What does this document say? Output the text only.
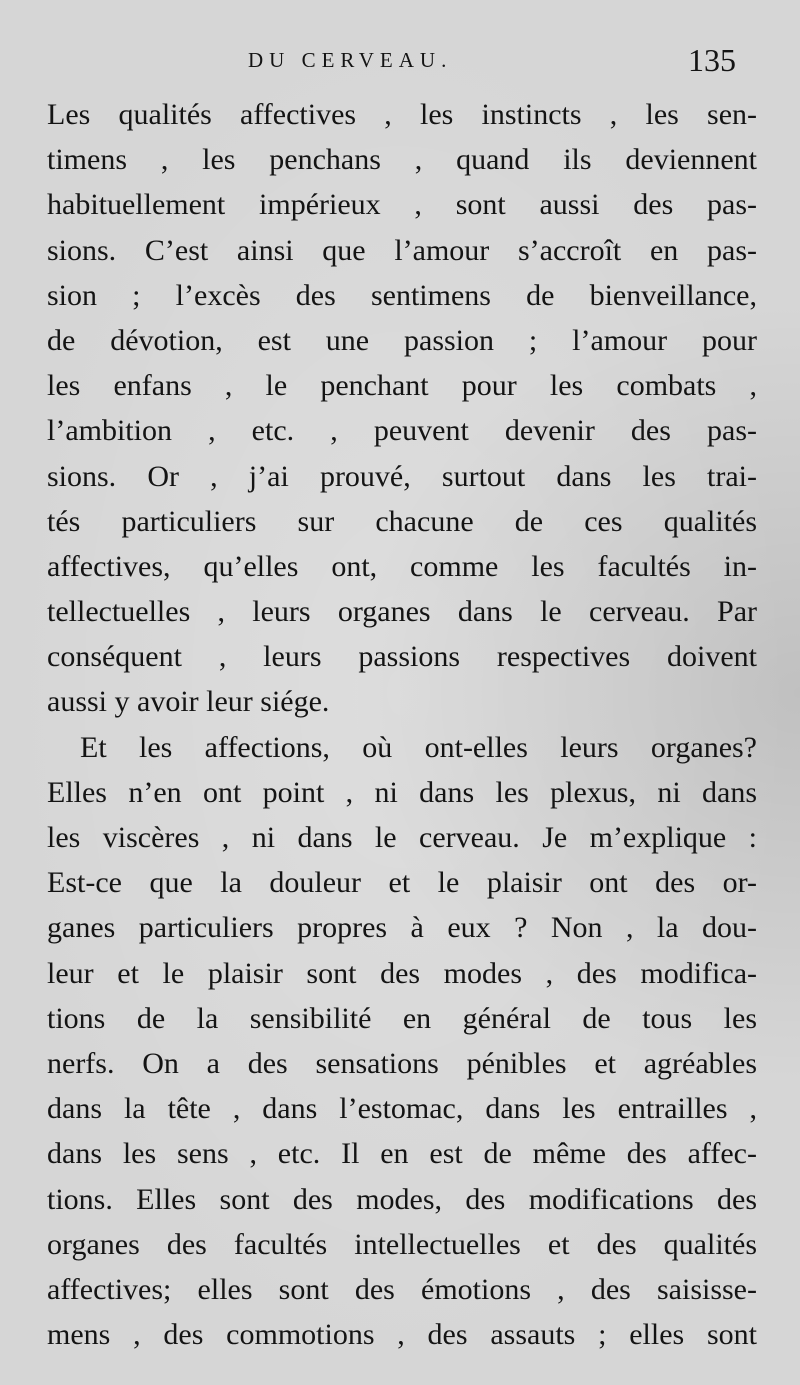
DU CERVEAU.	135
Les qualités affectives , les instincts , les sen-
timens , les penchans , quand ils deviennent
habituellement impérieux , sont aussi des pas-
sions. C’est ainsi que l’amour s’accroît en pas-
sion ; l’excès des sentimens de bienveillance,
de dévotion, est une passion ; l’amour pour
les enfans , le penchant pour les combats ,
l’ambition , etc. , peuvent devenir des pas-
sions. Or , j’ai prouvé, surtout dans les trai-
tés particuliers sur chacune de ces qualités
affectives, qu’elles ont, comme les facultés in-
tellectuelles , leurs organes dans le cerveau. Par
conséquent , leurs passions respectives doivent
aussi y avoir leur siége.
Et les affections, où ont-elles leurs organes?
Elles n’en ont point , ni dans les plexus, ni dans
les viscères , ni dans le cerveau. Je m’explique :
Est-ce que la douleur et le plaisir ont des or-
ganes particuliers propres à eux ? Non , la dou-
leur et le plaisir sont des modes , des modifica-
tions de la sensibilité en général de tous les
nerfs. On a des sensations pénibles et agréables
dans la tête , dans l’estomac, dans les entrailles ,
dans les sens , etc. Il en est de même des affec-
tions. Elles sont des modes, des modifications des
organes des facultés intellectuelles et des qualités
affectives; elles sont des émotions , des saisisse-
mens , des commotions , des assauts ; elles sont
